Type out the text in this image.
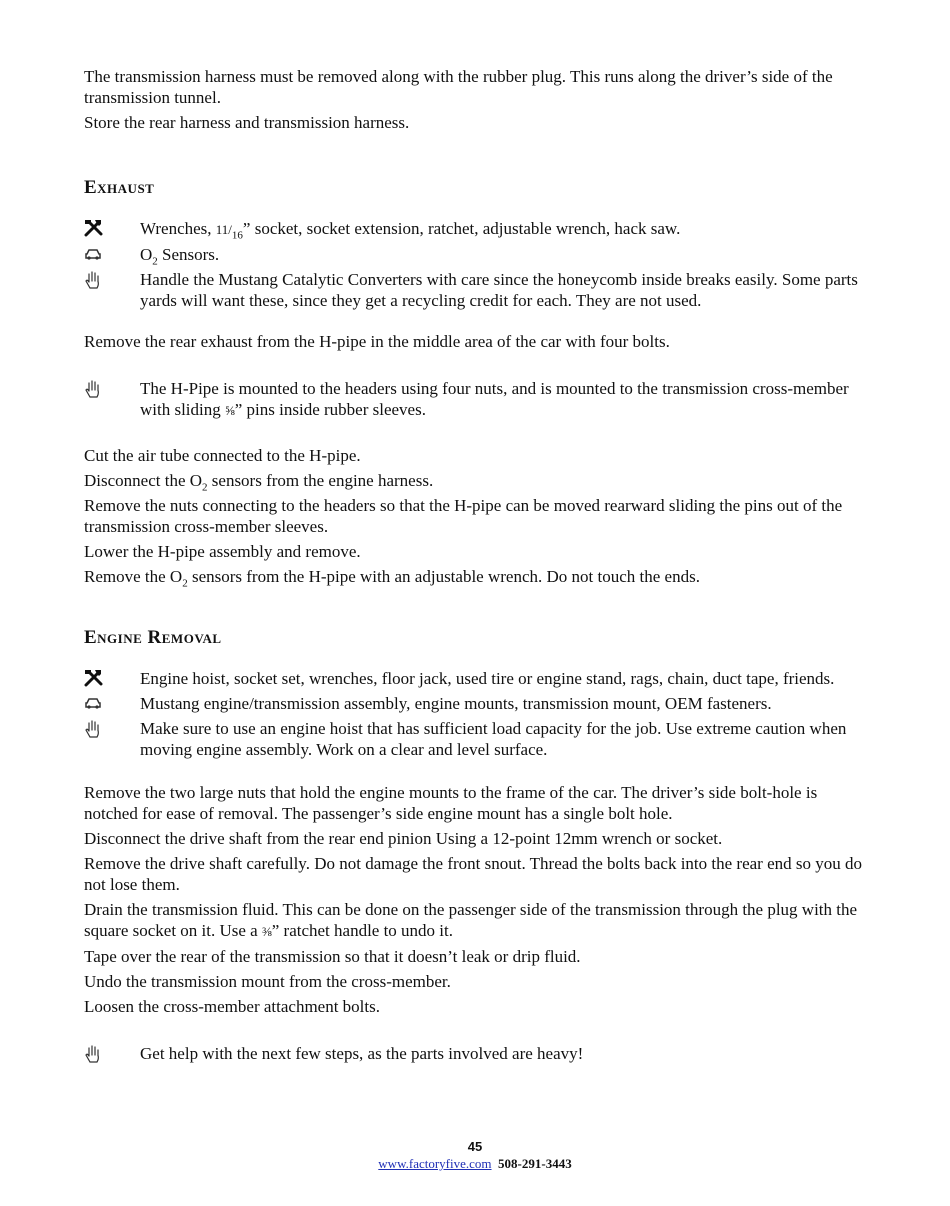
The transmission harness must be removed along with the rubber plug. This runs along the driver’s side of the transmission tunnel.

Store the rear harness and transmission harness.

Exhaust
Wrenches, $11/_{16}$” socket, socket extension, ratchet, adjustable wrench, hack saw.
$O_2$ Sensors.
Handle the Mustang Catalytic Converters with care since the honeycomb inside breaks easily. Some parts yards will want these, since they get a recycling credit for each. They are not used.

Remove the rear exhaust from the H-pipe in the middle area of the car with four bolts.

The H-Pipe is mounted to the headers using four nuts, and is mounted to the transmission cross-member with sliding ⅝” pins inside rubber sleeves.

Cut the air tube connected to the H-pipe.

Disconnect the $O_2$ sensors from the engine harness.

Remove the nuts connecting to the headers so that the H-pipe can be moved rearward sliding the pins out of the transmission cross-member sleeves.

Lower the H-pipe assembly and remove.

Remove the $O_2$ sensors from the H-pipe with an adjustable wrench. Do not touch the ends.

Engine Removal
Engine hoist, socket set, wrenches, floor jack, used tire or engine stand, rags, chain, duct tape, friends.
Mustang engine/transmission assembly, engine mounts, transmission mount, OEM fasteners.
Make sure to use an engine hoist that has sufficient load capacity for the job. Use extreme caution when moving engine assembly. Work on a clear and level surface.

Remove the two large nuts that hold the engine mounts to the frame of the car. The driver’s side bolt-hole is notched for ease of removal. The passenger’s side engine mount has a single bolt hole.

Disconnect the drive shaft from the rear end pinion Using a 12-point 12mm wrench or socket.

Remove the drive shaft carefully. Do not damage the front snout. Thread the bolts back into the rear end so you do not lose them.

Drain the transmission fluid. This can be done on the passenger side of the transmission through the plug with the square socket on it. Use a ⅜” ratchet handle to undo it.

Tape over the rear of the transmission so that it doesn’t leak or drip fluid.

Undo the transmission mount from the cross-member.

Loosen the cross-member attachment bolts.

Get help with the next few steps, as the parts involved are heavy!
45
www.factoryfive.com 508-291-3443
